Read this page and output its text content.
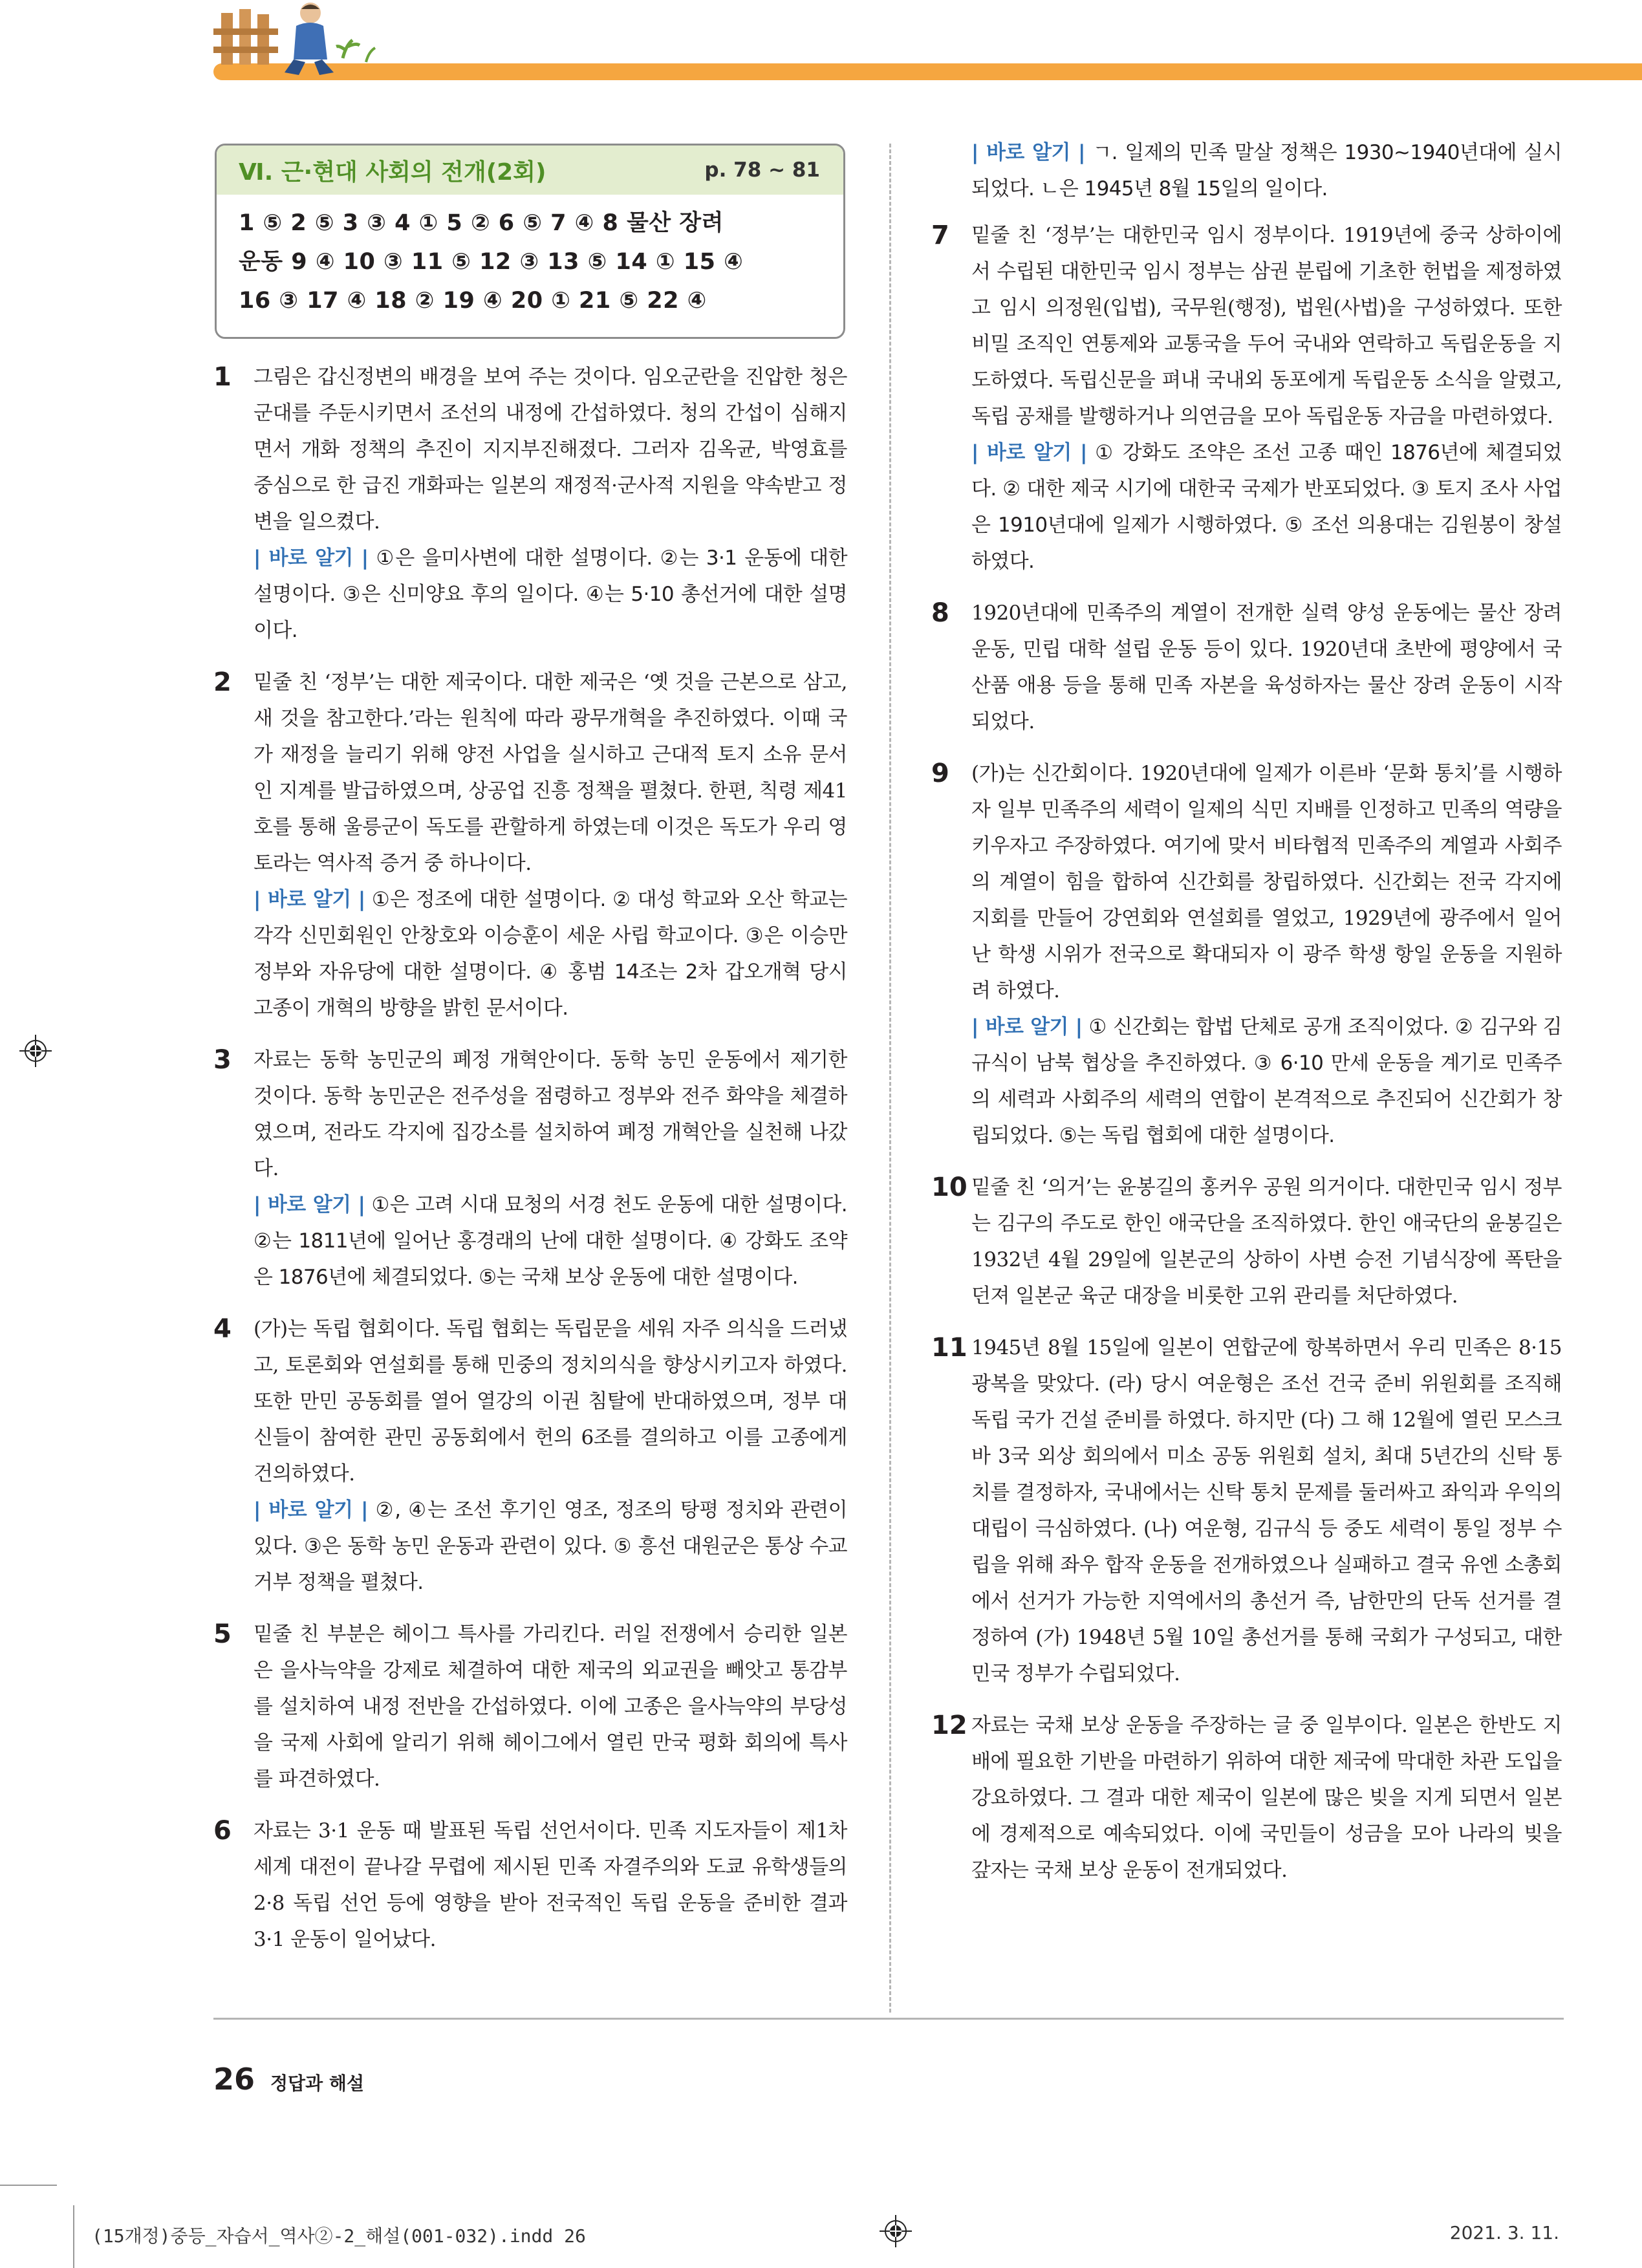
Ⅵ. 근·현대 사회의 전개(2회)	p. 78 ~ 81
1 ⑤ 2 ⑤ 3 ③ 4 ① 5 ② 6 ⑤ 7 ④ 8 물산 장려
운동 9 ④ 10 ③ 11 ⑤ 12 ③ 13 ⑤ 14 ① 15 ④
16 ③ 17 ④ 18 ② 19 ④ 20 ① 21 ⑤ 22 ④
1 그림은 갑신정변의 배경을 보여 주는 것이다. 임오군란을 진압한 청은 군대를 주둔시키면서 조선의 내정에 간섭하였다. 청의 간섭이 심해지면서 개화 정책의 추진이 지지부진해졌다. 그러자 김옥균, 박영효를 중심으로 한 급진 개화파는 일본의 재정적·군사적 지원을 약속받고 정변을 일으켰다.
| 바로 알기 | ①은 을미사변에 대한 설명이다. ②는 3·1 운동에 대한 설명이다. ③은 신미양요 후의 일이다. ④는 5·10 총선거에 대한 설명이다.
2 밑줄 친 ‘정부’는 대한 제국이다. 대한 제국은 ‘옛 것을 근본으로 삼고, 새 것을 참고한다.’라는 원칙에 따라 광무개혁을 추진하였다. 이때 국가 재정을 늘리기 위해 양전 사업을 실시하고 근대적 토지 소유 문서인 지계를 발급하였으며, 상공업 진흥 정책을 펼쳤다. 한편, 칙령 제41호를 통해 울릉군이 독도를 관할하게 하였는데 이것은 독도가 우리 영토라는 역사적 증거 중 하나이다.
| 바로 알기 | ①은 정조에 대한 설명이다. ② 대성 학교와 오산 학교는 각각 신민회원인 안창호와 이승훈이 세운 사립 학교이다. ③은 이승만 정부와 자유당에 대한 설명이다. ④ 홍범 14조는 2차 갑오개혁 당시 고종이 개혁의 방향을 밝힌 문서이다.
3 자료는 동학 농민군의 폐정 개혁안이다. 동학 농민 운동에서 제기한 것이다. 동학 농민군은 전주성을 점령하고 정부와 전주 화약을 체결하였으며, 전라도 각지에 집강소를 설치하여 폐정 개혁안을 실천해 나갔다.
| 바로 알기 | ①은 고려 시대 묘청의 서경 천도 운동에 대한 설명이다. ②는 1811년에 일어난 홍경래의 난에 대한 설명이다. ④ 강화도 조약은 1876년에 체결되었다. ⑤는 국채 보상 운동에 대한 설명이다.
4 (가)는 독립 협회이다. 독립 협회는 독립문을 세워 자주 의식을 드러냈고, 토론회와 연설회를 통해 민중의 정치의식을 향상시키고자 하였다. 또한 만민 공동회를 열어 열강의 이권 침탈에 반대하였으며, 정부 대신들이 참여한 관민 공동회에서 헌의 6조를 결의하고 이를 고종에게 건의하였다.
| 바로 알기 | ②, ④는 조선 후기인 영조, 정조의 탕평 정치와 관련이 있다. ③은 동학 농민 운동과 관련이 있다. ⑤ 흥선 대원군은 통상 수교 거부 정책을 펼쳤다.
5 밑줄 친 부분은 헤이그 특사를 가리킨다. 러일 전쟁에서 승리한 일본은 을사늑약을 강제로 체결하여 대한 제국의 외교권을 빼앗고 통감부를 설치하여 내정 전반을 간섭하였다. 이에 고종은 을사늑약의 부당성을 국제 사회에 알리기 위해 헤이그에서 열린 만국 평화 회의에 특사를 파견하였다.
6 자료는 3·1 운동 때 발표된 독립 선언서이다. 민족 지도자들이 제1차 세계 대전이 끝나갈 무렵에 제시된 민족 자결주의와 도쿄 유학생들의 2·8 독립 선언 등에 영향을 받아 전국적인 독립 운동을 준비한 결과 3·1 운동이 일어났다.
| 바로 알기 | ㄱ. 일제의 민족 말살 정책은 1930~1940년대에 실시되었다. ㄴ은 1945년 8월 15일의 일이다.
7 밑줄 친 ‘정부’는 대한민국 임시 정부이다. 1919년에 중국 상하이에서 수립된 대한민국 임시 정부는 삼권 분립에 기초한 헌법을 제정하였고 임시 의정원(입법), 국무원(행정), 법원(사법)을 구성하였다. 또한 비밀 조직인 연통제와 교통국을 두어 국내와 연락하고 독립운동을 지도하였다. 독립신문을 펴내 국내외 동포에게 독립운동 소식을 알렸고, 독립 공채를 발행하거나 의연금을 모아 독립운동 자금을 마련하였다.
| 바로 알기 | ① 강화도 조약은 조선 고종 때인 1876년에 체결되었다. ② 대한 제국 시기에 대한국 국제가 반포되었다. ③ 토지 조사 사업은 1910년대에 일제가 시행하였다. ⑤ 조선 의용대는 김원봉이 창설하였다.
8 1920년대에 민족주의 계열이 전개한 실력 양성 운동에는 물산 장려 운동, 민립 대학 설립 운동 등이 있다. 1920년대 초반에 평양에서 국산품 애용 등을 통해 민족 자본을 육성하자는 물산 장려 운동이 시작되었다.
9 (가)는 신간회이다. 1920년대에 일제가 이른바 ‘문화 통치’를 시행하자 일부 민족주의 세력이 일제의 식민 지배를 인정하고 민족의 역량을 키우자고 주장하였다. 여기에 맞서 비타협적 민족주의 계열과 사회주의 계열이 힘을 합하여 신간회를 창립하였다. 신간회는 전국 각지에 지회를 만들어 강연회와 연설회를 열었고, 1929년에 광주에서 일어난 학생 시위가 전국으로 확대되자 이 광주 학생 항일 운동을 지원하려 하였다.
| 바로 알기 | ① 신간회는 합법 단체로 공개 조직이었다. ② 김구와 김규식이 남북 협상을 추진하였다. ③ 6·10 만세 운동을 계기로 민족주의 세력과 사회주의 세력의 연합이 본격적으로 추진되어 신간회가 창립되었다. ⑤는 독립 협회에 대한 설명이다.
10 밑줄 친 ‘의거’는 윤봉길의 홍커우 공원 의거이다. 대한민국 임시 정부는 김구의 주도로 한인 애국단을 조직하였다. 한인 애국단의 윤봉길은 1932년 4월 29일에 일본군의 상하이 사변 승전 기념식장에 폭탄을 던져 일본군 육군 대장을 비롯한 고위 관리를 처단하였다.
11 1945년 8월 15일에 일본이 연합군에 항복하면서 우리 민족은 8·15 광복을 맞았다. (라) 당시 여운형은 조선 건국 준비 위원회를 조직해 독립 국가 건설 준비를 하였다. 하지만 (다) 그 해 12월에 열린 모스크바 3국 외상 회의에서 미소 공동 위원회 설치, 최대 5년간의 신탁 통치를 결정하자, 국내에서는 신탁 통치 문제를 둘러싸고 좌익과 우익의 대립이 극심하였다. (나) 여운형, 김규식 등 중도 세력이 통일 정부 수립을 위해 좌우 합작 운동을 전개하였으나 실패하고 결국 유엔 소총회에서 선거가 가능한 지역에서의 총선거 즉, 남한만의 단독 선거를 결정하여 (가) 1948년 5월 10일 총선거를 통해 국회가 구성되고, 대한민국 정부가 수립되었다.
12 자료는 국채 보상 운동을 주장하는 글 중 일부이다. 일본은 한반도 지배에 필요한 기반을 마련하기 위하여 대한 제국에 막대한 차관 도입을 강요하였다. 그 결과 대한 제국이 일본에 많은 빚을 지게 되면서 일본에 경제적으로 예속되었다. 이에 국민들이 성금을 모아 나라의 빚을 갚자는 국채 보상 운동이 전개되었다.
26 정답과 해설
(15개정)중등_자습서_역사②-2_해설(001-032).indd 26	2021. 3. 11.
